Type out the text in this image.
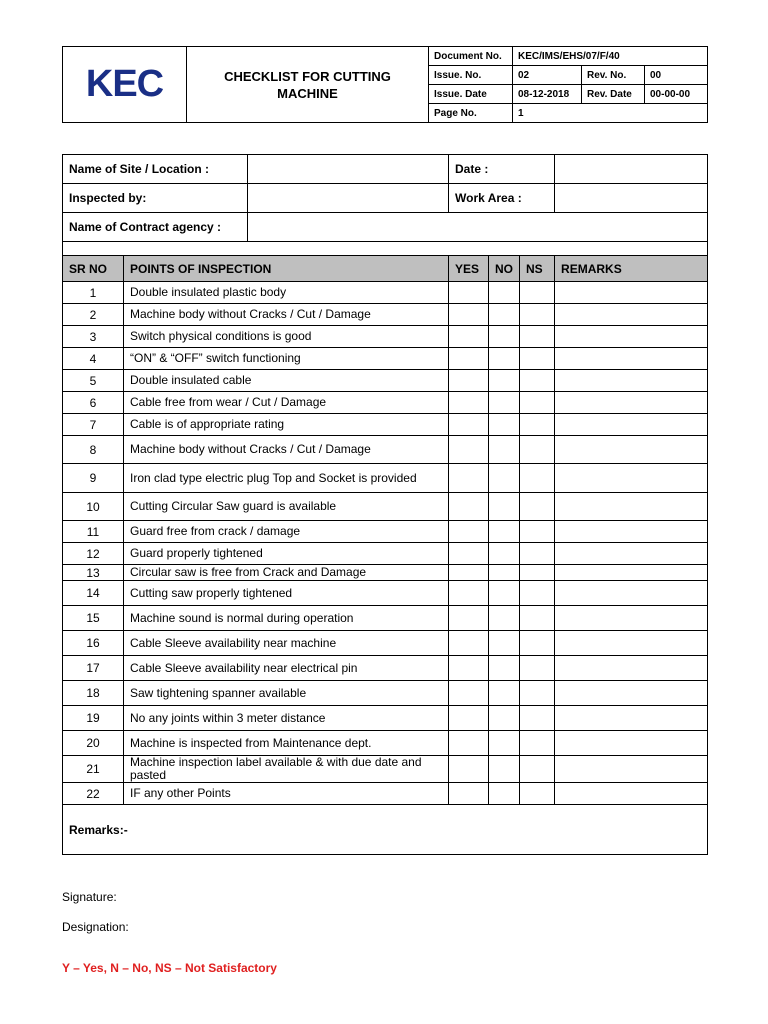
KEC	CHECKLIST FOR CUTTING
MACHINE	Document No.	KEC/IMS/EHS/07/F/40		
		Issue. No.	02	Rev. No.	00
		Issue. Date	08-12-2018	Rev. Date	00-00-00
		Page No.	1		
Name of Site / Location :			Date :			
Inspected by:			Work Area :			
Name of Contract agency :						

SR NO	POINTS OF INSPECTION		YES	NO	NS	REMARKS
1	Double insulated plastic body					
2	Machine body without Cracks / Cut / Damage					
3	Switch physical conditions is good					
4	“ON” & “OFF” switch functioning					
5	Double insulated cable					
6	Cable free from wear / Cut / Damage					
7	Cable is of appropriate rating					
8	Machine body without Cracks / Cut / Damage					
9	Iron clad type electric plug Top and Socket is provided					
10	Cutting Circular Saw guard is available					
11	Guard free from crack / damage					
12	Guard properly tightened					
13	Circular saw is free from Crack and Damage					
14	Cutting saw properly tightened					
15	Machine sound is normal during operation					
16	Cable Sleeve availability near machine					
17	Cable Sleeve availability near electrical pin					
18	Saw tightening spanner available					
19	No any joints within 3 meter distance					
20	Machine is inspected from Maintenance dept.					
21	Machine inspection label available & with due date and pasted					
22	IF any other Points					
Remarks:-						
Signature:
Designation:
Y – Yes, N – No, NS – Not Satisfactory
